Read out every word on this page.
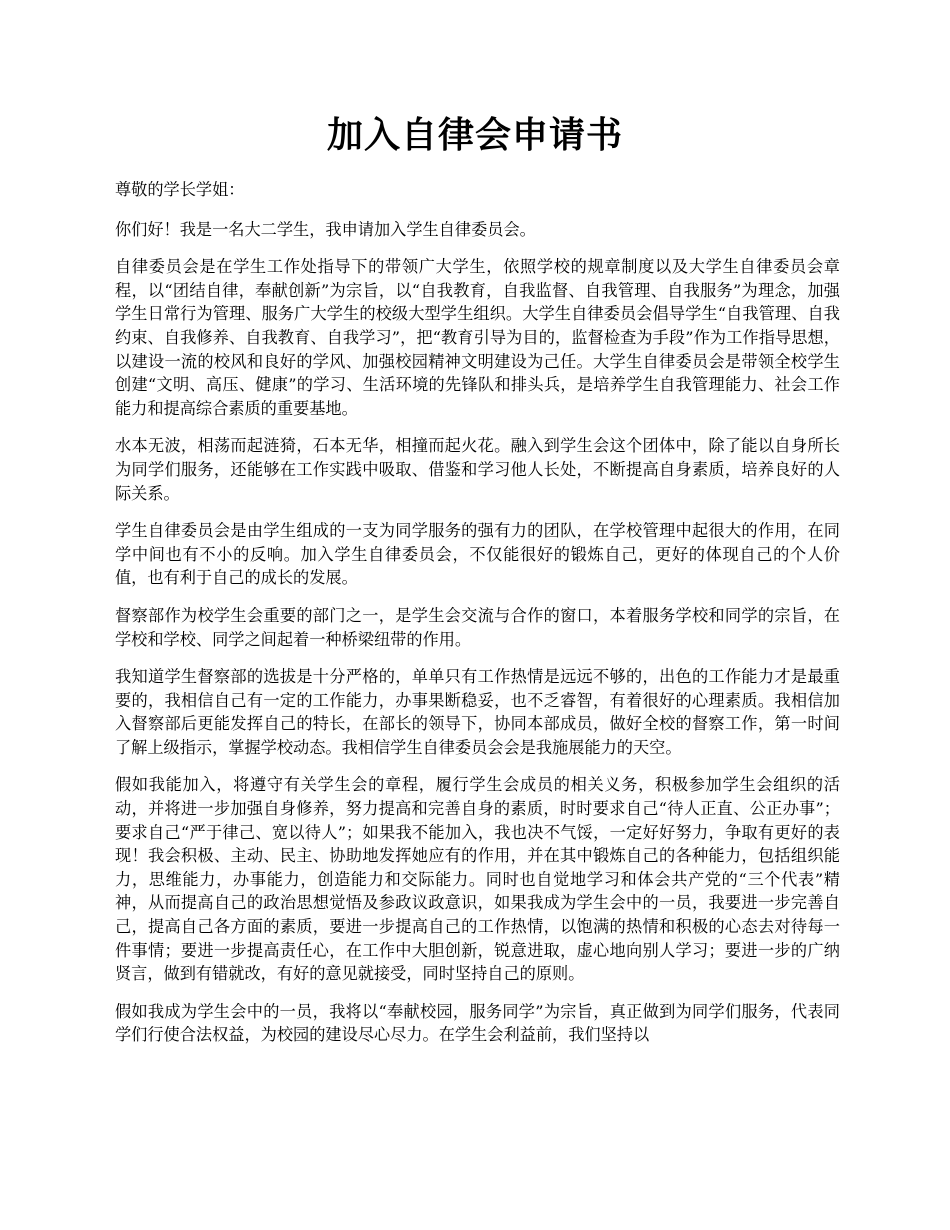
加入自律会申请书

尊敬的学长学姐：

你们好！我是一名大二学生，我申请加入学生自律委员会。

自律委员会是在学生工作处指导下的带领广大学生，依照学校的规章制度以及大学生自律委员会章程，以“团结自律，奉献创新”为宗旨，以“自我教育，自我监督、自我管理、自我服务”为理念，加强学生日常行为管理、服务广大学生的校级大型学生组织。大学生自律委员会倡导学生“自我管理、自我约束、自我修养、自我教育、自我学习”，把“教育引导为目的，监督检查为手段”作为工作指导思想，以建设一流的校风和良好的学风、加强校园精神文明建设为己任。大学生自律委员会是带领全校学生创建“文明、高压、健康”的学习、生活环境的先锋队和排头兵，是培养学生自我管理能力、社会工作能力和提高综合素质的重要基地。

水本无波，相荡而起涟猗，石本无华，相撞而起火花。融入到学生会这个团体中，除了能以自身所长为同学们服务，还能够在工作实践中吸取、借鉴和学习他人长处，不断提高自身素质，培养良好的人际关系。

学生自律委员会是由学生组成的一支为同学服务的强有力的团队，在学校管理中起很大的作用，在同学中间也有不小的反响。加入学生自律委员会，不仅能很好的锻炼自己，更好的体现自己的个人价值，也有利于自己的成长的发展。

督察部作为校学生会重要的部门之一，是学生会交流与合作的窗口，本着服务学校和同学的宗旨，在学校和学校、同学之间起着一种桥梁纽带的作用。

我知道学生督察部的选拔是十分严格的，单单只有工作热情是远远不够的，出色的工作能力才是最重要的，我相信自己有一定的工作能力，办事果断稳妥，也不乏睿智，有着很好的心理素质。我相信加入督察部后更能发挥自己的特长，在部长的领导下，协同本部成员，做好全校的督察工作，第一时间了解上级指示，掌握学校动态。我相信学生自律委员会会是我施展能力的天空。

假如我能加入，将遵守有关学生会的章程，履行学生会成员的相关义务，积极参加学生会组织的活动，并将进一步加强自身修养，努力提高和完善自身的素质，时时要求自己“待人正直、公正办事”；要求自己“严于律己、宽以待人”；如果我不能加入，我也决不气馁，一定好好努力，争取有更好的表现！我会积极、主动、民主、协助地发挥她应有的作用，并在其中锻炼自己的各种能力，包括组织能力，思维能力，办事能力，创造能力和交际能力。同时也自觉地学习和体会共产党的“三个代表”精神，从而提高自己的政治思想觉悟及参政议政意识，如果我成为学生会中的一员，我要进一步完善自己，提高自己各方面的素质，要进一步提高自己的工作热情，以饱满的热情和积极的心态去对待每一件事情；要进一步提高责任心，在工作中大胆创新，锐意进取，虚心地向别人学习；要进一步的广纳贤言，做到有错就改，有好的意见就接受，同时坚持自己的原则。

假如我成为学生会中的一员，我将以“奉献校园，服务同学”为宗旨，真正做到为同学们服务，代表同学们行使合法权益，为校园的建设尽心尽力。在学生会利益前，我们坚持以
